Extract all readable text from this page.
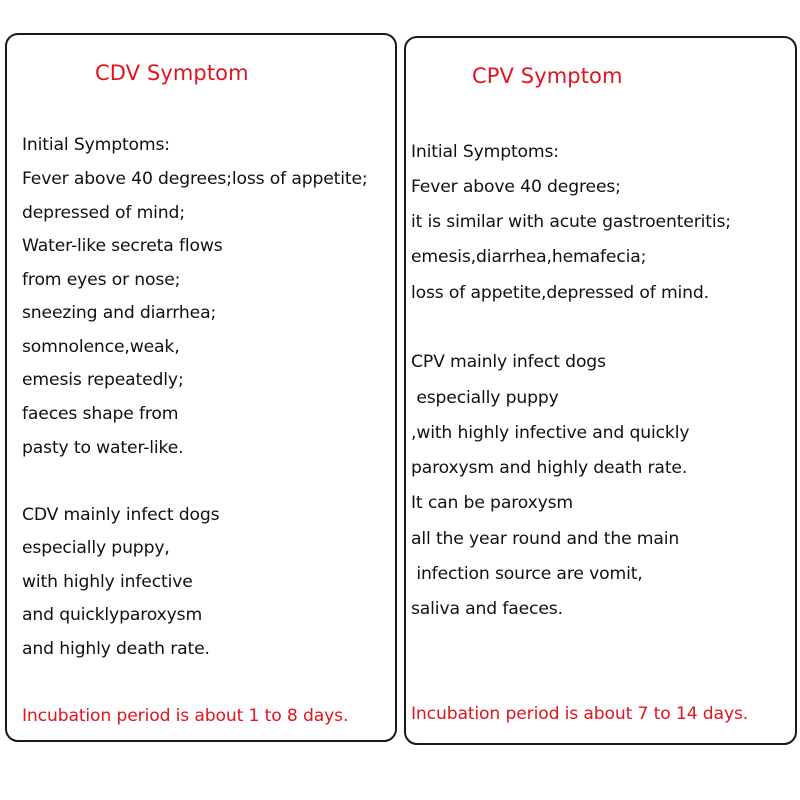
CDV Symptom
Initial Symptoms:
Fever above 40 degrees;loss of appetite;
depressed of mind;
Water-like secreta flows
from eyes or nose;
sneezing and diarrhea;
somnolence,weak,
emesis repeatedly;
faeces shape from
pasty to water-like.
CDV mainly infect dogs
especially puppy,
with highly infective
and quicklyparoxysm
and highly death rate.
Incubation period is about 1 to 8 days.
CPV Symptom
Initial Symptoms:
Fever above 40 degrees;
it is similar with acute gastroenteritis;
emesis,diarrhea,hemafecia;
loss of appetite,depressed of mind.
CPV mainly infect dogs
especially puppy
,with highly infective and quickly
paroxysm and highly death rate.
It can be paroxysm
all the year round and the main
infection source are vomit,
saliva and faeces.
Incubation period is about 7 to 14 days.
